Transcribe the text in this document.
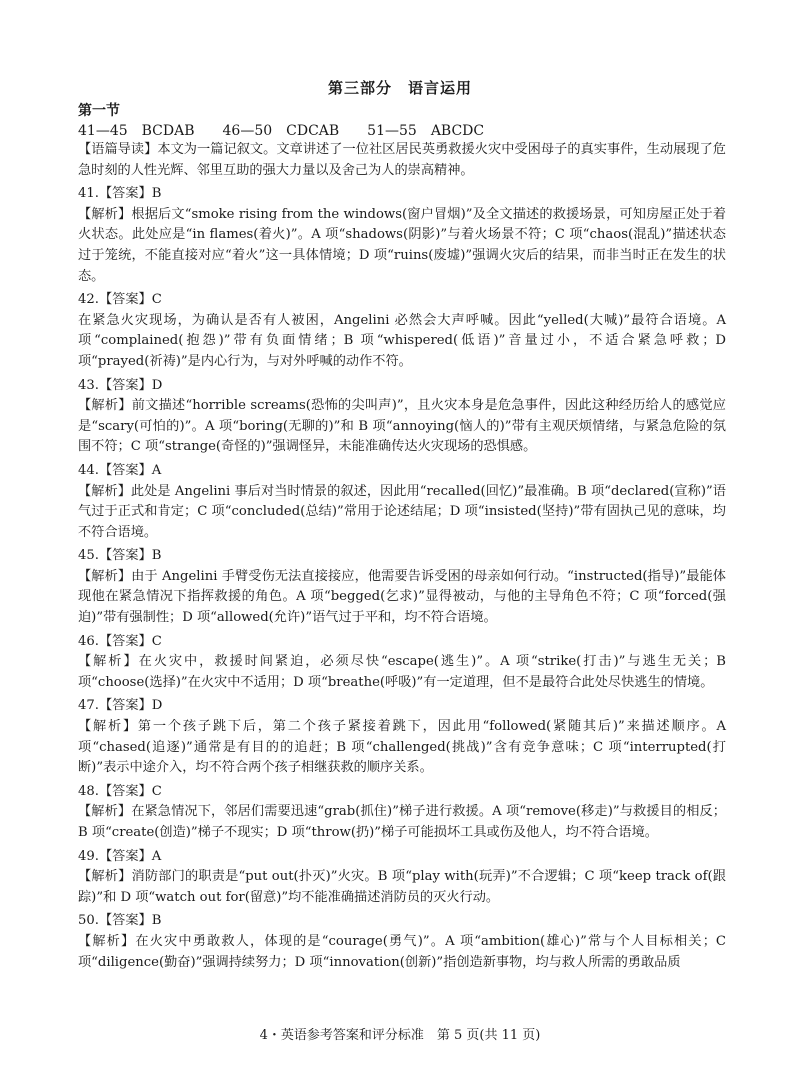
第三部分　语言运用
第一节
41—45　BCDAB　　46—50　CDCAB　　51—55　ABCDC

【语篇导读】本文为一篇记叙文。文章讲述了一位社区居民英勇救援火灾中受困母子的真实事件，生动展现了危急时刻的人性光辉、邻里互助的强大力量以及舍己为人的崇高精神。

41.【答案】B

【解析】根据后文“smoke rising from the windows(窗户冒烟)”及全文描述的救援场景，可知房屋正处于着火状态。此处应是“in flames(着火)”。A 项“shadows(阴影)”与着火场景不符；C 项“chaos(混乱)”描述状态过于笼统，不能直接对应“着火”这一具体情境；D 项“ruins(废墟)”强调火灾后的结果，而非当时正在发生的状态。

42.【答案】C

在紧急火灾现场，为确认是否有人被困，Angelini 必然会大声呼喊。因此“yelled(大喊)”最符合语境。A 项“complained(抱怨)”带有负面情绪；B 项“whispered(低语)”音量过小，不适合紧急呼救；D 项“prayed(祈祷)”是内心行为，与对外呼喊的动作不符。

43.【答案】D

【解析】前文描述“horrible screams(恐怖的尖叫声)”，且火灾本身是危急事件，因此这种经历给人的感觉应是“scary(可怕的)”。A 项“boring(无聊的)”和 B 项“annoying(恼人的)”带有主观厌烦情绪，与紧急危险的氛围不符；C 项“strange(奇怪的)”强调怪异，未能准确传达火灾现场的恐惧感。

44.【答案】A

【解析】此处是 Angelini 事后对当时情景的叙述，因此用“recalled(回忆)”最准确。B 项“declared(宣称)”语气过于正式和肯定；C 项“concluded(总结)”常用于论述结尾；D 项“insisted(坚持)”带有固执己见的意味，均不符合语境。

45.【答案】B

【解析】由于 Angelini 手臂受伤无法直接接应，他需要告诉受困的母亲如何行动。“instructed(指导)”最能体现他在紧急情况下指挥救援的角色。A 项“begged(乞求)”显得被动，与他的主导角色不符；C 项“forced(强迫)”带有强制性；D 项“allowed(允许)”语气过于平和，均不符合语境。

46.【答案】C

【解析】在火灾中，救援时间紧迫，必须尽快“escape(逃生)”。A 项“strike(打击)”与逃生无关；B 项“choose(选择)”在火灾中不适用；D 项“breathe(呼吸)”有一定道理，但不是最符合此处尽快逃生的情境。

47.【答案】D

【解析】第一个孩子跳下后，第二个孩子紧接着跳下，因此用“followed(紧随其后)”来描述顺序。A 项“chased(追逐)”通常是有目的的追赶；B 项“challenged(挑战)”含有竞争意味；C 项“interrupted(打断)”表示中途介入，均不符合两个孩子相继获救的顺序关系。

48.【答案】C

【解析】在紧急情况下，邻居们需要迅速“grab(抓住)”梯子进行救援。A 项“remove(移走)”与救援目的相反；B 项“create(创造)”梯子不现实；D 项“throw(扔)”梯子可能损坏工具或伤及他人，均不符合语境。

49.【答案】A

【解析】消防部门的职责是“put out(扑灭)”火灾。B 项“play with(玩弄)”不合逻辑；C 项“keep track of(跟踪)”和 D 项“watch out for(留意)”均不能准确描述消防员的灭火行动。

50.【答案】B

【解析】在火灾中勇敢救人，体现的是“courage(勇气)”。A 项“ambition(雄心)”常与个人目标相关；C 项“diligence(勤奋)”强调持续努力；D 项“innovation(创新)”指创造新事物，均与救人所需的勇敢品质

4・英语参考答案和评分标准　第 5 页(共 11 页)
